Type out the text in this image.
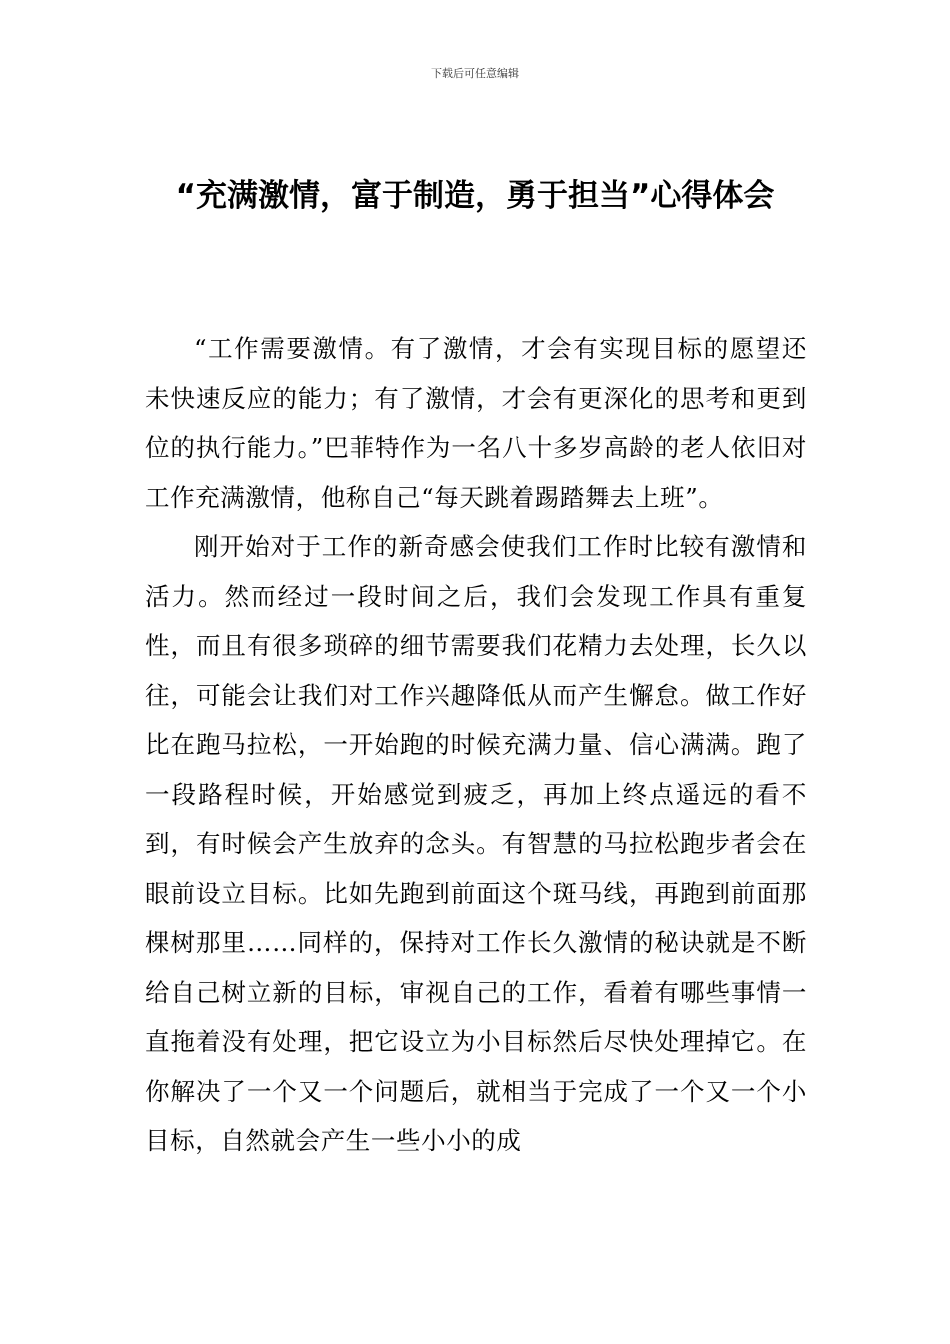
下载后可任意编辑
“充满激情，富于制造，勇于担当”心得体会

“工作需要激情。有了激情，才会有实现目标的愿望还未快速反应的能力；有了激情，才会有更深化的思考和更到位的执行能力。”巴菲特作为一名八十多岁高龄的老人依旧对工作充满激情，他称自己“每天跳着踢踏舞去上班”。

刚开始对于工作的新奇感会使我们工作时比较有激情和活力。然而经过一段时间之后，我们会发现工作具有重复性，而且有很多琐碎的细节需要我们花精力去处理，长久以往，可能会让我们对工作兴趣降低从而产生懈怠。做工作好比在跑马拉松，一开始跑的时候充满力量、信心满满。跑了一段路程时候，开始感觉到疲乏，再加上终点遥远的看不到，有时候会产生放弃的念头。有智慧的马拉松跑步者会在眼前设立目标。比如先跑到前面这个斑马线，再跑到前面那棵树那里……同样的，保持对工作长久激情的秘诀就是不断给自己树立新的目标，审视自己的工作，看着有哪些事情一直拖着没有处理，把它设立为小目标然后尽快处理掉它。在你解决了一个又一个问题后，就相当于完成了一个又一个小目标，自然就会产生一些小小的成
